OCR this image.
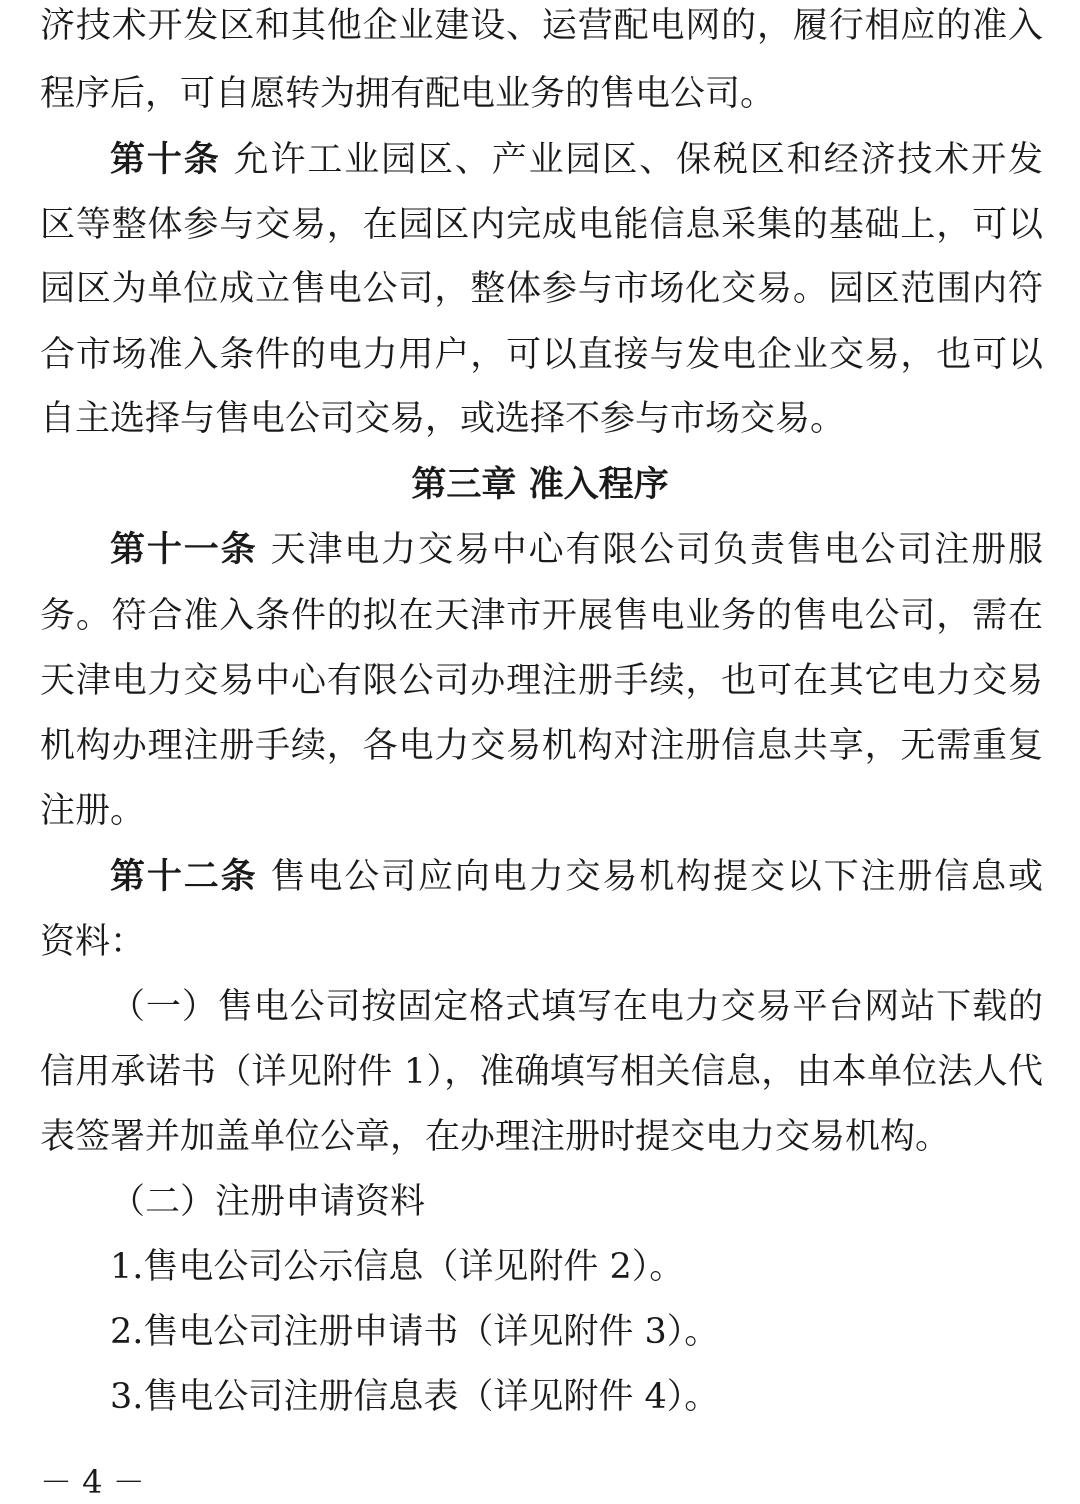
济技术开发区和其他企业建设、运营配电网的，履行相应的准入
程序后，可自愿转为拥有配电业务的售电公司。
第十条 允许工业园区、产业园区、保税区和经济技术开发
区等整体参与交易，在园区内完成电能信息采集的基础上，可以
园区为单位成立售电公司，整体参与市场化交易。园区范围内符
合市场准入条件的电力用户，可以直接与发电企业交易，也可以
自主选择与售电公司交易，或选择不参与市场交易。
第三章 准入程序
第十一条 天津电力交易中心有限公司负责售电公司注册服
务。符合准入条件的拟在天津市开展售电业务的售电公司，需在
天津电力交易中心有限公司办理注册手续，也可在其它电力交易
机构办理注册手续，各电力交易机构对注册信息共享，无需重复
注册。
第十二条 售电公司应向电力交易机构提交以下注册信息或
资料：
（一）售电公司按固定格式填写在电力交易平台网站下载的
信用承诺书（详见附件 1），准确填写相关信息，由本单位法人代
表签署并加盖单位公章，在办理注册时提交电力交易机构。
（二）注册申请资料
1.售电公司公示信息（详见附件 2）。
2.售电公司注册申请书（详见附件 3）。
3.售电公司注册信息表（详见附件 4）。
－ 4 －
